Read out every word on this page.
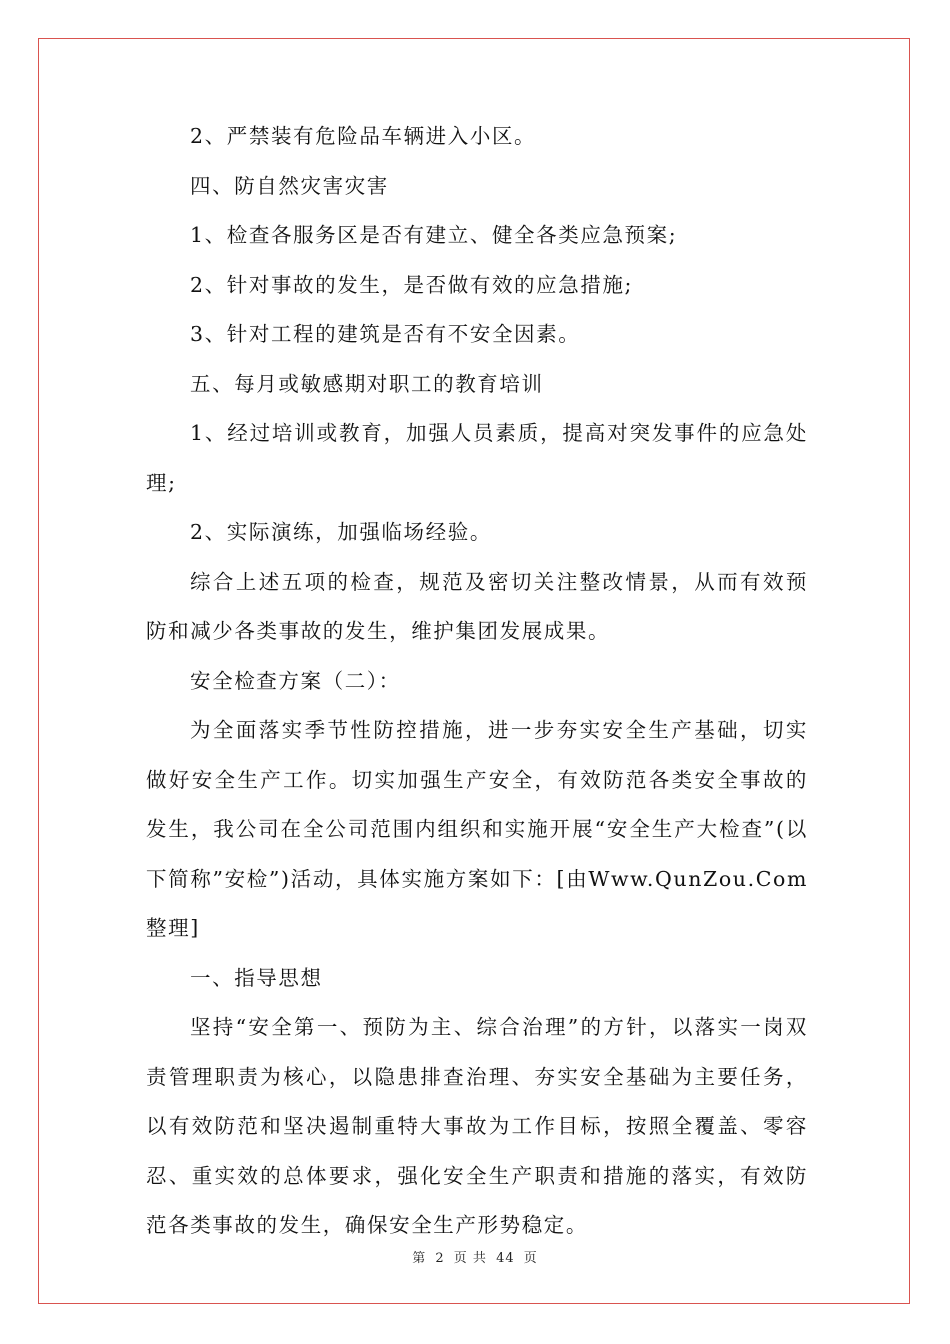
2、严禁装有危险品车辆进入小区。

四、防自然灾害灾害

1、检查各服务区是否有建立、健全各类应急预案;

2、针对事故的发生，是否做有效的应急措施;

3、针对工程的建筑是否有不安全因素。

五、每月或敏感期对职工的教育培训

1、经过培训或教育，加强人员素质，提高对突发事件的应急处理;

2、实际演练，加强临场经验。

综合上述五项的检查，规范及密切关注整改情景，从而有效预防和减少各类事故的发生，维护集团发展成果。

安全检查方案（二）：

为全面落实季节性防控措施，进一步夯实安全生产基础，切实做好安全生产工作。切实加强生产安全，有效防范各类安全事故的发生，我公司在全公司范围内组织和实施开展“安全生产大检查”(以下简称”安检”)活动，具体实施方案如下：[由Www.QunZou.Com整理]

一、指导思想

坚持“安全第一、预防为主、综合治理”的方针，以落实一岗双责管理职责为核心，以隐患排查治理、夯实安全基础为主要任务，以有效防范和坚决遏制重特大事故为工作目标，按照全覆盖、零容忍、重实效的总体要求，强化安全生产职责和措施的落实，有效防范各类事故的发生，确保安全生产形势稳定。

第 2 页 共 44 页
